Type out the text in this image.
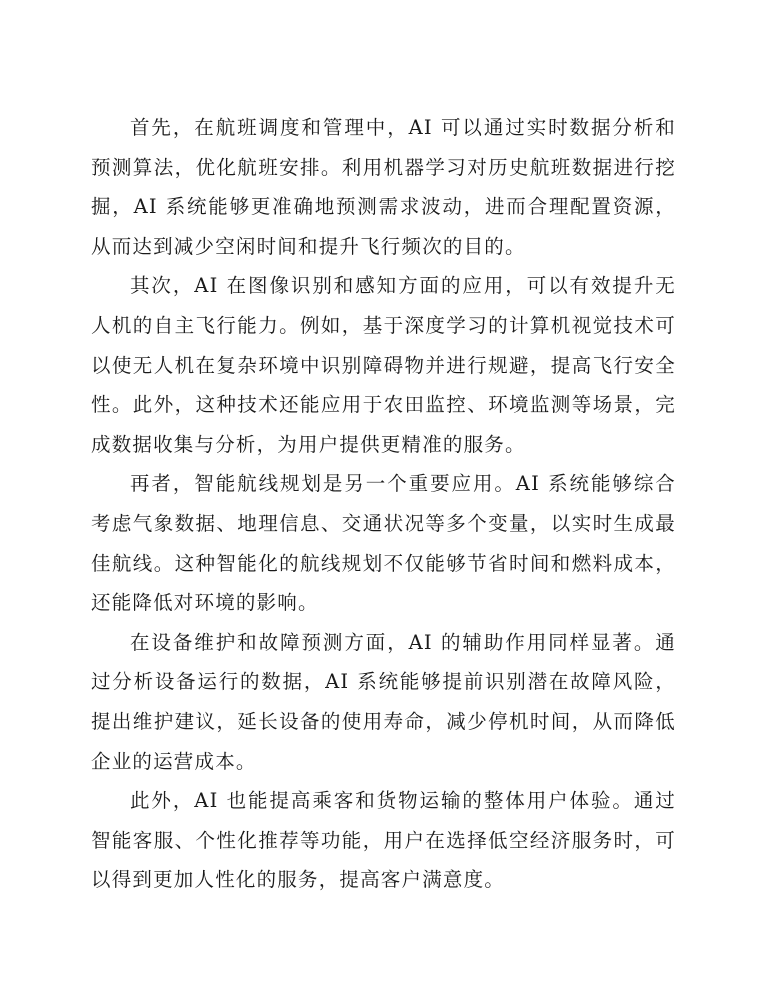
首先，在航班调度和管理中，AI 可以通过实时数据分析和预测算法，优化航班安排。利用机器学习对历史航班数据进行挖掘，AI 系统能够更准确地预测需求波动，进而合理配置资源，从而达到减少空闲时间和提升飞行频次的目的。

其次，AI 在图像识别和感知方面的应用，可以有效提升无人机的自主飞行能力。例如，基于深度学习的计算机视觉技术可以使无人机在复杂环境中识别障碍物并进行规避，提高飞行安全性。此外，这种技术还能应用于农田监控、环境监测等场景，完成数据收集与分析，为用户提供更精准的服务。

再者，智能航线规划是另一个重要应用。AI 系统能够综合考虑气象数据、地理信息、交通状况等多个变量，以实时生成最佳航线。这种智能化的航线规划不仅能够节省时间和燃料成本，还能降低对环境的影响。

在设备维护和故障预测方面，AI 的辅助作用同样显著。通过分析设备运行的数据，AI 系统能够提前识别潜在故障风险，提出维护建议，延长设备的使用寿命，减少停机时间，从而降低企业的运营成本。

此外，AI 也能提高乘客和货物运输的整体用户体验。通过智能客服、个性化推荐等功能，用户在选择低空经济服务时，可以得到更加人性化的服务，提高客户满意度。
